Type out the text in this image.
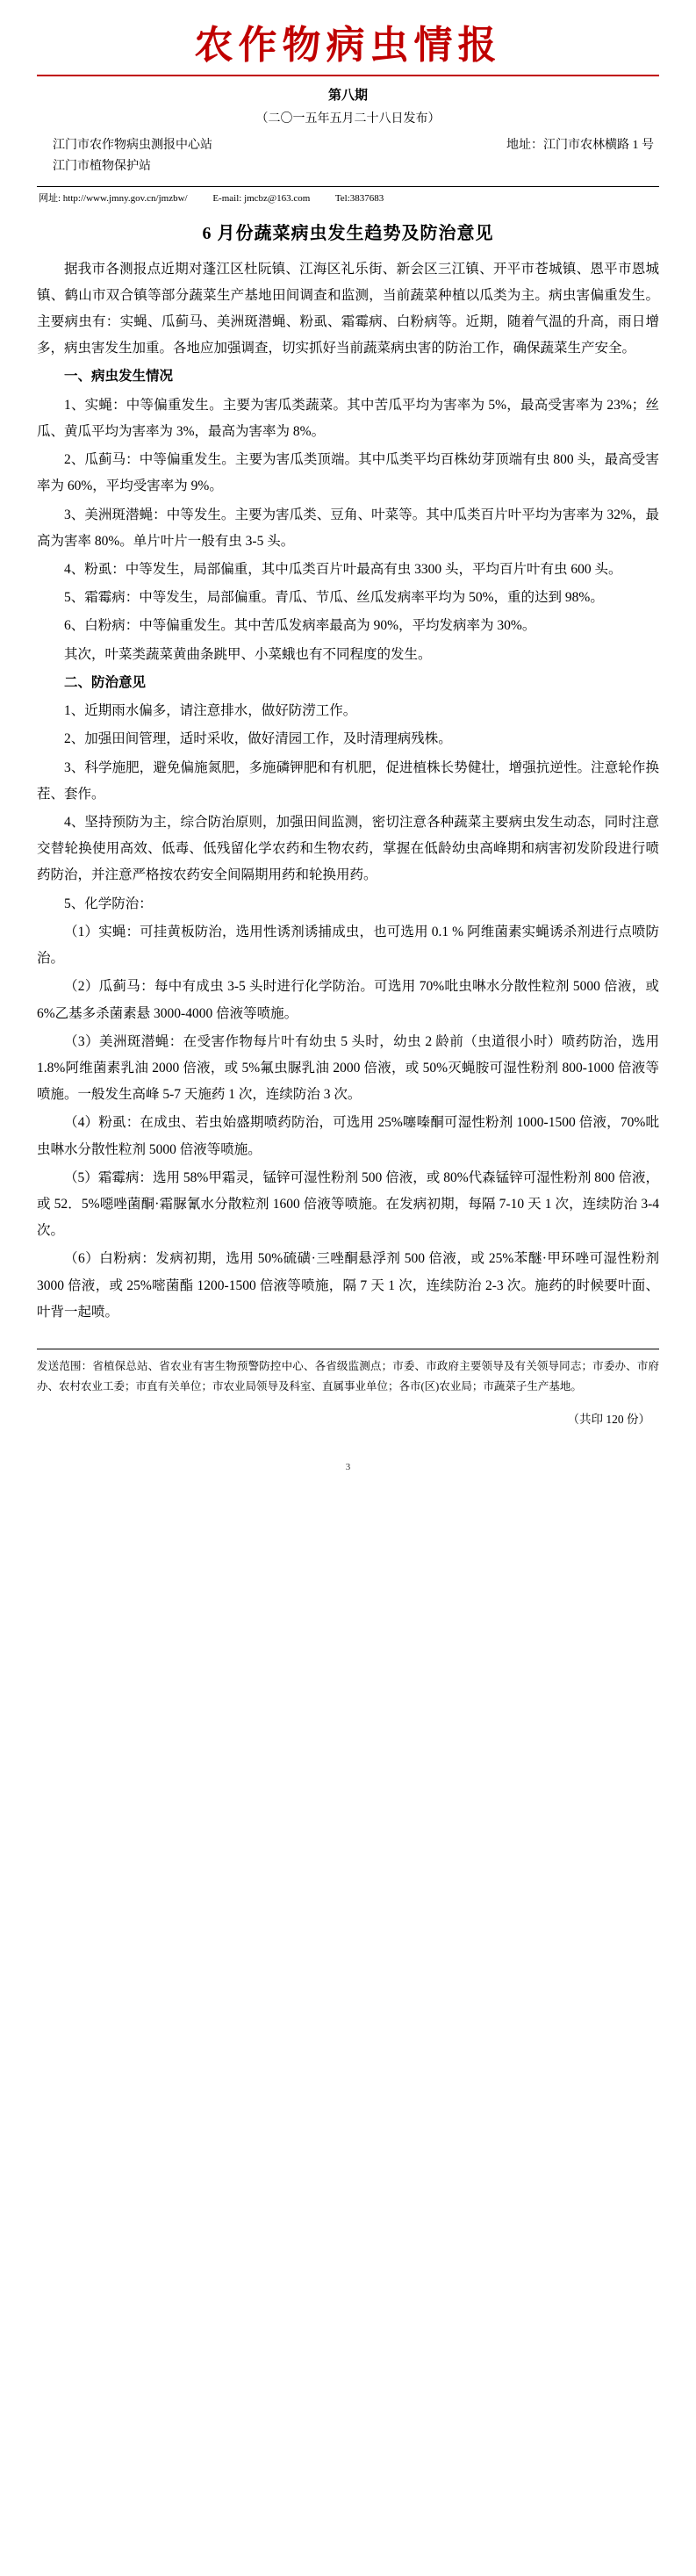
农作物病虫情报
第八期
（二〇一五年五月二十八日发布）
江门市农作物病虫测报中心站
江门市植物保护站
地址：江门市农林横路 1 号
网址: http://www.jmny.gov.cn/jmzbw/	E-mail: jmcbz@163.com	Tel:3837683
6 月份蔬菜病虫发生趋势及防治意见

据我市各测报点近期对蓬江区杜阮镇、江海区礼乐街、新会区三江镇、开平市苍城镇、恩平市恩城镇、鹤山市双合镇等部分蔬菜生产基地田间调查和监测，当前蔬菜种植以瓜类为主。病虫害偏重发生。主要病虫有：实蝇、瓜蓟马、美洲斑潜蝇、粉虱、霜霉病、白粉病等。近期，随着气温的升高，雨日增多，病虫害发生加重。各地应加强调查，切实抓好当前蔬菜病虫害的防治工作，确保蔬菜生产安全。

一、病虫发生情况

1、实蝇：中等偏重发生。主要为害瓜类蔬菜。其中苦瓜平均为害率为 5%，最高受害率为 23%；丝瓜、黄瓜平均为害率为 3%，最高为害率为 8%。

2、瓜蓟马：中等偏重发生。主要为害瓜类顶端。其中瓜类平均百株幼芽顶端有虫 800 头，最高受害率为 60%，平均受害率为 9%。

3、美洲斑潜蝇：中等发生。主要为害瓜类、豆角、叶菜等。其中瓜类百片叶平均为害率为 32%，最高为害率 80%。单片叶片一般有虫 3-5 头。

4、粉虱：中等发生，局部偏重，其中瓜类百片叶最高有虫 3300 头，平均百片叶有虫 600 头。

5、霜霉病：中等发生，局部偏重。青瓜、节瓜、丝瓜发病率平均为 50%，重的达到 98%。

6、白粉病：中等偏重发生。其中苦瓜发病率最高为 90%，平均发病率为 30%。

其次，叶菜类蔬菜黄曲条跳甲、小菜蛾也有不同程度的发生。

二、防治意见

1、近期雨水偏多，请注意排水，做好防涝工作。

2、加强田间管理，适时采收，做好清园工作，及时清理病残株。

3、科学施肥，避免偏施氮肥，多施磷钾肥和有机肥，促进植株长势健壮，增强抗逆性。注意轮作换茬、套作。

4、坚持预防为主，综合防治原则，加强田间监测，密切注意各种蔬菜主要病虫发生动态，同时注意交替轮换使用高效、低毒、低残留化学农药和生物农药，掌握在低龄幼虫高峰期和病害初发阶段进行喷药防治，并注意严格按农药安全间隔期用药和轮换用药。

5、化学防治：

（1）实蝇：可挂黄板防治，选用性诱剂诱捕成虫，也可选用 0.1 % 阿维菌素实蝇诱杀剂进行点喷防治。

（2）瓜蓟马：每中有成虫 3-5 头时进行化学防治。可选用 70%吡虫啉水分散性粒剂 5000 倍液，或 6%乙基多杀菌素悬 3000-4000 倍液等喷施。

（3）美洲斑潜蝇：在受害作物每片叶有幼虫 5 头时，幼虫 2 龄前（虫道很小时）喷药防治，选用 1.8%阿维菌素乳油 2000 倍液，或 5%氟虫脲乳油 2000 倍液，或 50%灭蝇胺可湿性粉剂 800-1000 倍液等喷施。一般发生高峰 5-7 天施药 1 次，连续防治 3 次。

（4）粉虱：在成虫、若虫始盛期喷药防治，可选用 25%噻嗪酮可湿性粉剂 1000-1500 倍液，70%吡虫啉水分散性粒剂 5000 倍液等喷施。

（5）霜霉病：选用 58%甲霜灵，锰锌可湿性粉剂 500 倍液，或 80%代森锰锌可湿性粉剂 800 倍液，或 52．5%噁唑菌酮·霜脲氰水分散粒剂 1600 倍液等喷施。在发病初期，每隔 7-10 天 1 次，连续防治 3-4 次。

（6）白粉病：发病初期，选用 50%硫磺·三唑酮悬浮剂 500 倍液，或 25%苯醚·甲环唑可湿性粉剂 3000 倍液，或 25%嘧菌酯 1200-1500 倍液等喷施，隔 7 天 1 次，连续防治 2-3 次。施药的时候要叶面、叶背一起喷。

发送范围：省植保总站、省农业有害生物预警防控中心、各省级监测点；市委、市政府主要领导及有关领导同志；市委办、市府办、农村农业工委；市直有关单位；市农业局领导及科室、直属事业单位；各市(区)农业局；市蔬菜子生产基地。
（共印 120 份）
3
